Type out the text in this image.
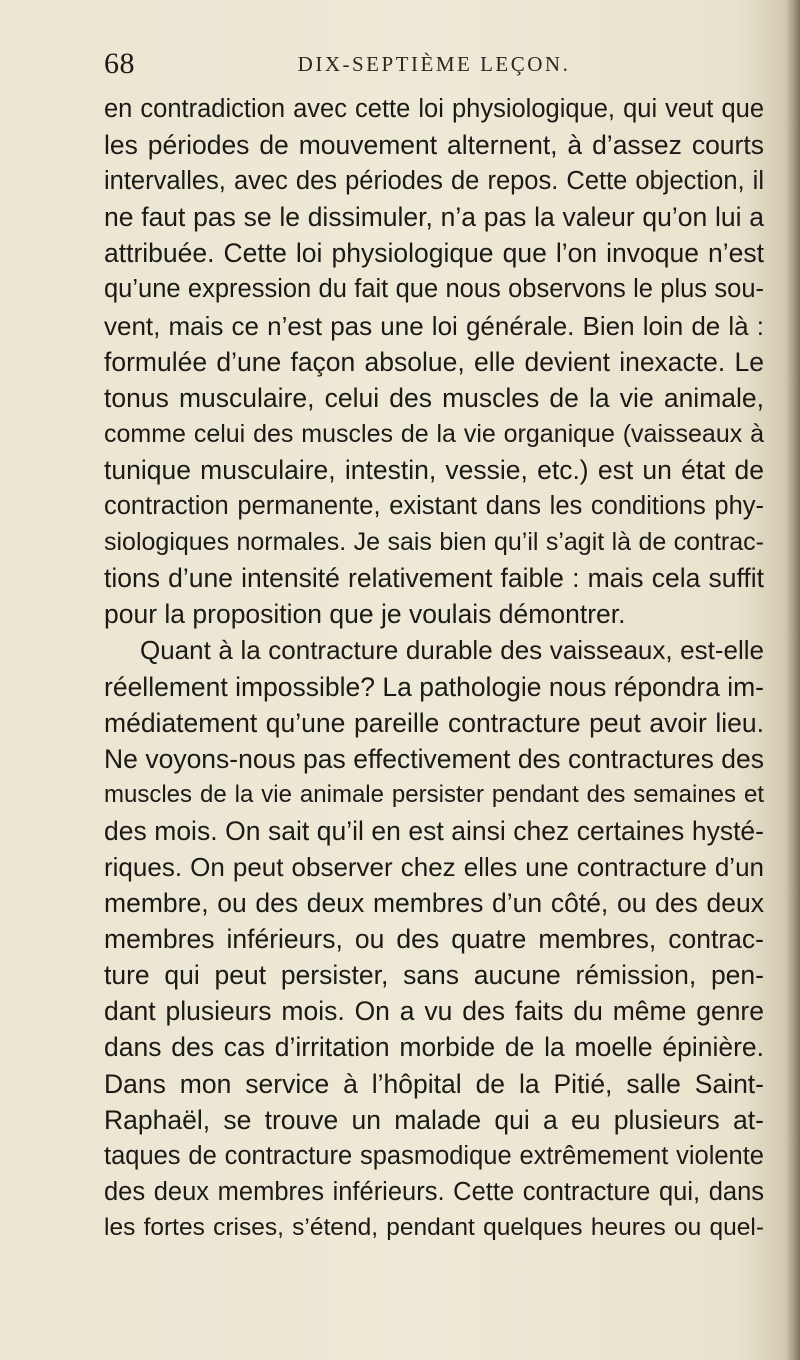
68	DIX-SEPTIÈME LEÇON.
en contradiction avec cette loi physiologique, qui veut que
les périodes de mouvement alternent, à d’assez courts
intervalles, avec des périodes de repos. Cette objection, il
ne faut pas se le dissimuler, n’a pas la valeur qu’on lui a
attribuée. Cette loi physiologique que l’on invoque n’est
qu’une expression du fait que nous observons le plus sou-
vent, mais ce n’est pas une loi générale. Bien loin de là :
formulée d’une façon absolue, elle devient inexacte. Le
tonus musculaire, celui des muscles de la vie animale,
comme celui des muscles de la vie organique (vaisseaux à
tunique musculaire, intestin, vessie, etc.) est un état de
contraction permanente, existant dans les conditions phy-
siologiques normales. Je sais bien qu’il s’agit là de contrac-
tions d’une intensité relativement faible : mais cela suffit
pour la proposition que je voulais démontrer.
Quant à la contracture durable des vaisseaux, est-elle
réellement impossible? La pathologie nous répondra im-
médiatement qu’une pareille contracture peut avoir lieu.
Ne voyons-nous pas effectivement des contractures des
muscles de la vie animale persister pendant des semaines et
des mois. On sait qu’il en est ainsi chez certaines hysté-
riques. On peut observer chez elles une contracture d’un
membre, ou des deux membres d’un côté, ou des deux
membres inférieurs, ou des quatre membres, contrac-
ture qui peut persister, sans aucune rémission, pen-
dant plusieurs mois. On a vu des faits du même genre
dans des cas d’irritation morbide de la moelle épinière.
Dans mon service à l’hôpital de la Pitié, salle Saint-
Raphaël, se trouve un malade qui a eu plusieurs at-
taques de contracture spasmodique extrêmement violente
des deux membres inférieurs. Cette contracture qui, dans
les fortes crises, s’étend, pendant quelques heures ou quel-
